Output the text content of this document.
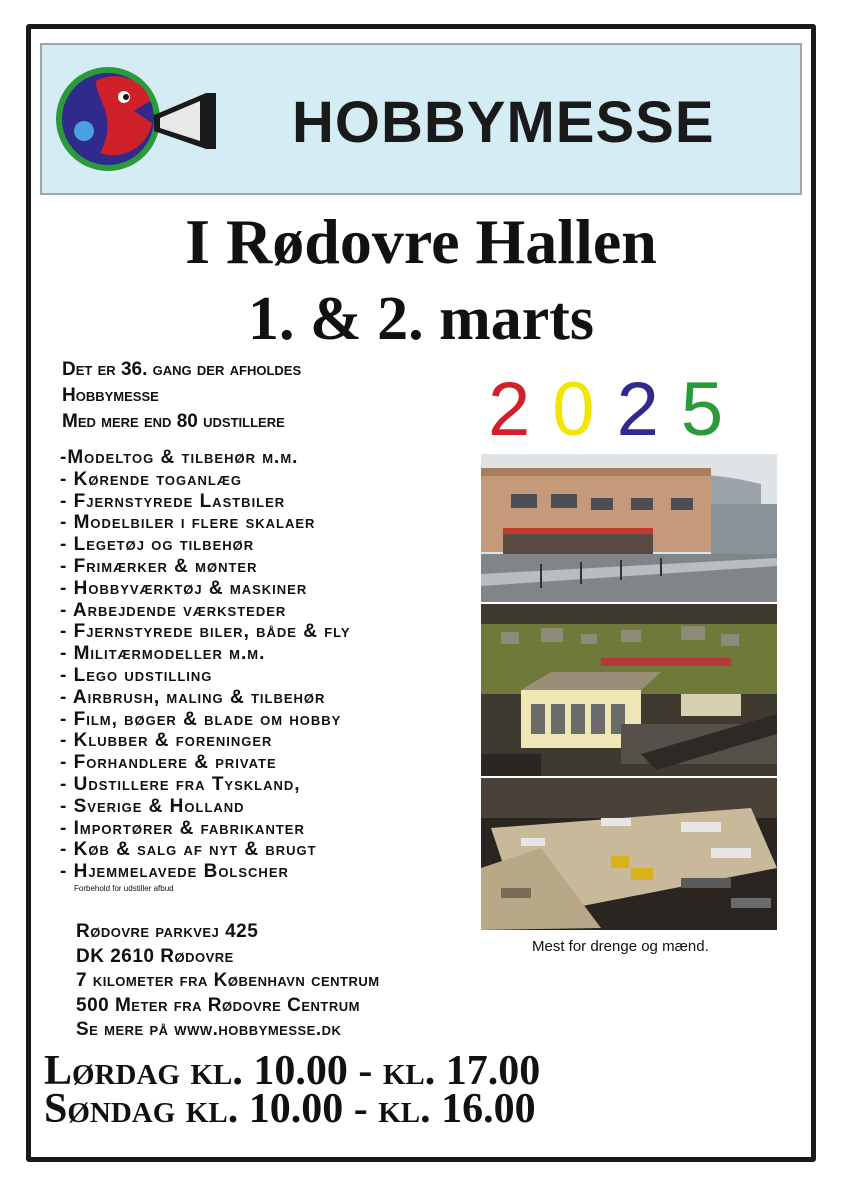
HOBBYMESSE
I Rødovre Hallen
1. & 2. marts
Det er 36. gang der afholdes
Hobbymesse
Med mere end 80 udstillere	2025
-Modeltog & tilbehør m.m.
- Kørende toganlæg
- Fjernstyrede Lastbiler
- Modelbiler i flere skalaer
- Legetøj og tilbehør
- Frimærker & mønter
- Hobbyværktøj & maskiner
- Arbejdende værksteder
- Fjernstyrede biler, både & fly
- Militærmodeller m.m.
- Lego udstilling
- Airbrush, maling & tilbehør
- Film, bøger & blade om hobby
- Klubber & foreninger
- Forhandlere & private
- Udstillere fra Tyskland,
- Sverige & Holland
- Importører & fabrikanter
- Køb & salg af nyt & brugt
- Hjemmelavede Bolscher
Forbehold for udstiller afbud
Mest for drenge og mænd.
Rødovre parkvej 425
DK 2610 Rødovre
7 kilometer fra København centrum
500 Meter fra Rødovre Centrum
Se mere på www.hobbymesse.dk
Lørdag kl. 10.00 - kl. 17.00
Søndag kl. 10.00 - kl. 16.00
